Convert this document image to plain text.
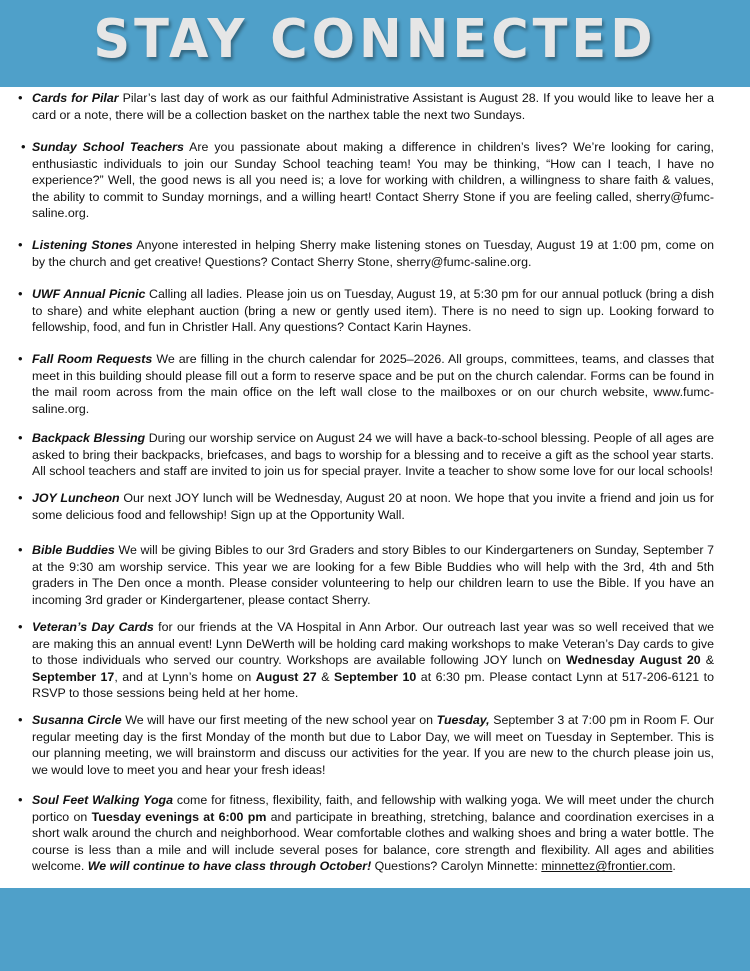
STAY CONNECTED
• Cards for Pilar Pilar’s last day of work as our faithful Administrative Assistant is August 28. If you would like to leave her a card or a note, there will be a collection basket on the narthex table the next two Sundays.
• Sunday School Teachers Are you passionate about making a difference in children’s lives? We’re looking for caring, enthusiastic individuals to join our Sunday School teaching team! You may be thinking, “How can I teach, I have no experience?” Well, the good news is all you need is; a love for working with children, a willingness to share faith & values, the ability to commit to Sunday mornings, and a willing heart! Contact Sherry Stone if you are feeling called, sherry@fumc-saline.org.
• Listening Stones Anyone interested in helping Sherry make listening stones on Tuesday, August 19 at 1:00 pm, come on by the church and get creative! Questions? Contact Sherry Stone, sherry@fumc-saline.org.
• UWF Annual Picnic Calling all ladies. Please join us on Tuesday, August 19, at 5:30 pm for our annual potluck (bring a dish to share) and white elephant auction (bring a new or gently used item). There is no need to sign up. Looking forward to fellowship, food, and fun in Christler Hall. Any questions? Contact Karin Haynes.
• Fall Room Requests We are filling in the church calendar for 2025–2026. All groups, committees, teams, and classes that meet in this building should please fill out a form to reserve space and be put on the church calendar. Forms can be found in the mail room across from the main office on the left wall close to the mailboxes or on our church website, www.fumc-saline.org.
• Backpack Blessing During our worship service on August 24 we will have a back-to-school blessing. People of all ages are asked to bring their backpacks, briefcases, and bags to worship for a blessing and to receive a gift as the school year starts. All school teachers and staff are invited to join us for special prayer. Invite a teacher to show some love for our local schools!
• JOY Luncheon Our next JOY lunch will be Wednesday, August 20 at noon. We hope that you invite a friend and join us for some delicious food and fellowship! Sign up at the Opportunity Wall.
• Bible Buddies We will be giving Bibles to our 3rd Graders and story Bibles to our Kindergarteners on Sunday, September 7 at the 9:30 am worship service. This year we are looking for a few Bible Buddies who will help with the 3rd, 4th and 5th graders in The Den once a month. Please consider volunteering to help our children learn to use the Bible. If you have an incoming 3rd grader or Kindergartener, please contact Sherry.
• Veteran’s Day Cards for our friends at the VA Hospital in Ann Arbor. Our outreach last year was so well received that we are making this an annual event! Lynn DeWerth will be holding card making workshops to make Veteran’s Day cards to give to those individuals who served our country. Workshops are available following JOY lunch on Wednesday August 20 & September 17, and at Lynn’s home on August 27 & September 10 at 6:30 pm. Please contact Lynn at 517-206-6121 to RSVP to those sessions being held at her home.
• Susanna Circle We will have our first meeting of the new school year on Tuesday, September 3 at 7:00 pm in Room F. Our regular meeting day is the first Monday of the month but due to Labor Day, we will meet on Tuesday in September. This is our planning meeting, we will brainstorm and discuss our activities for the year. If you are new to the church please join us, we would love to meet you and hear your fresh ideas!
• Soul Feet Walking Yoga come for fitness, flexibility, faith, and fellowship with walking yoga. We will meet under the church portico on Tuesday evenings at 6:00 pm and participate in breathing, stretching, balance and coordination exercises in a short walk around the church and neighborhood. Wear comfortable clothes and walking shoes and bring a water bottle. The course is less than a mile and will include several poses for balance, core strength and flexibility. All ages and abilities welcome. We will continue to have class through October! Questions? Carolyn Minnette: minnettez@frontier.com.
